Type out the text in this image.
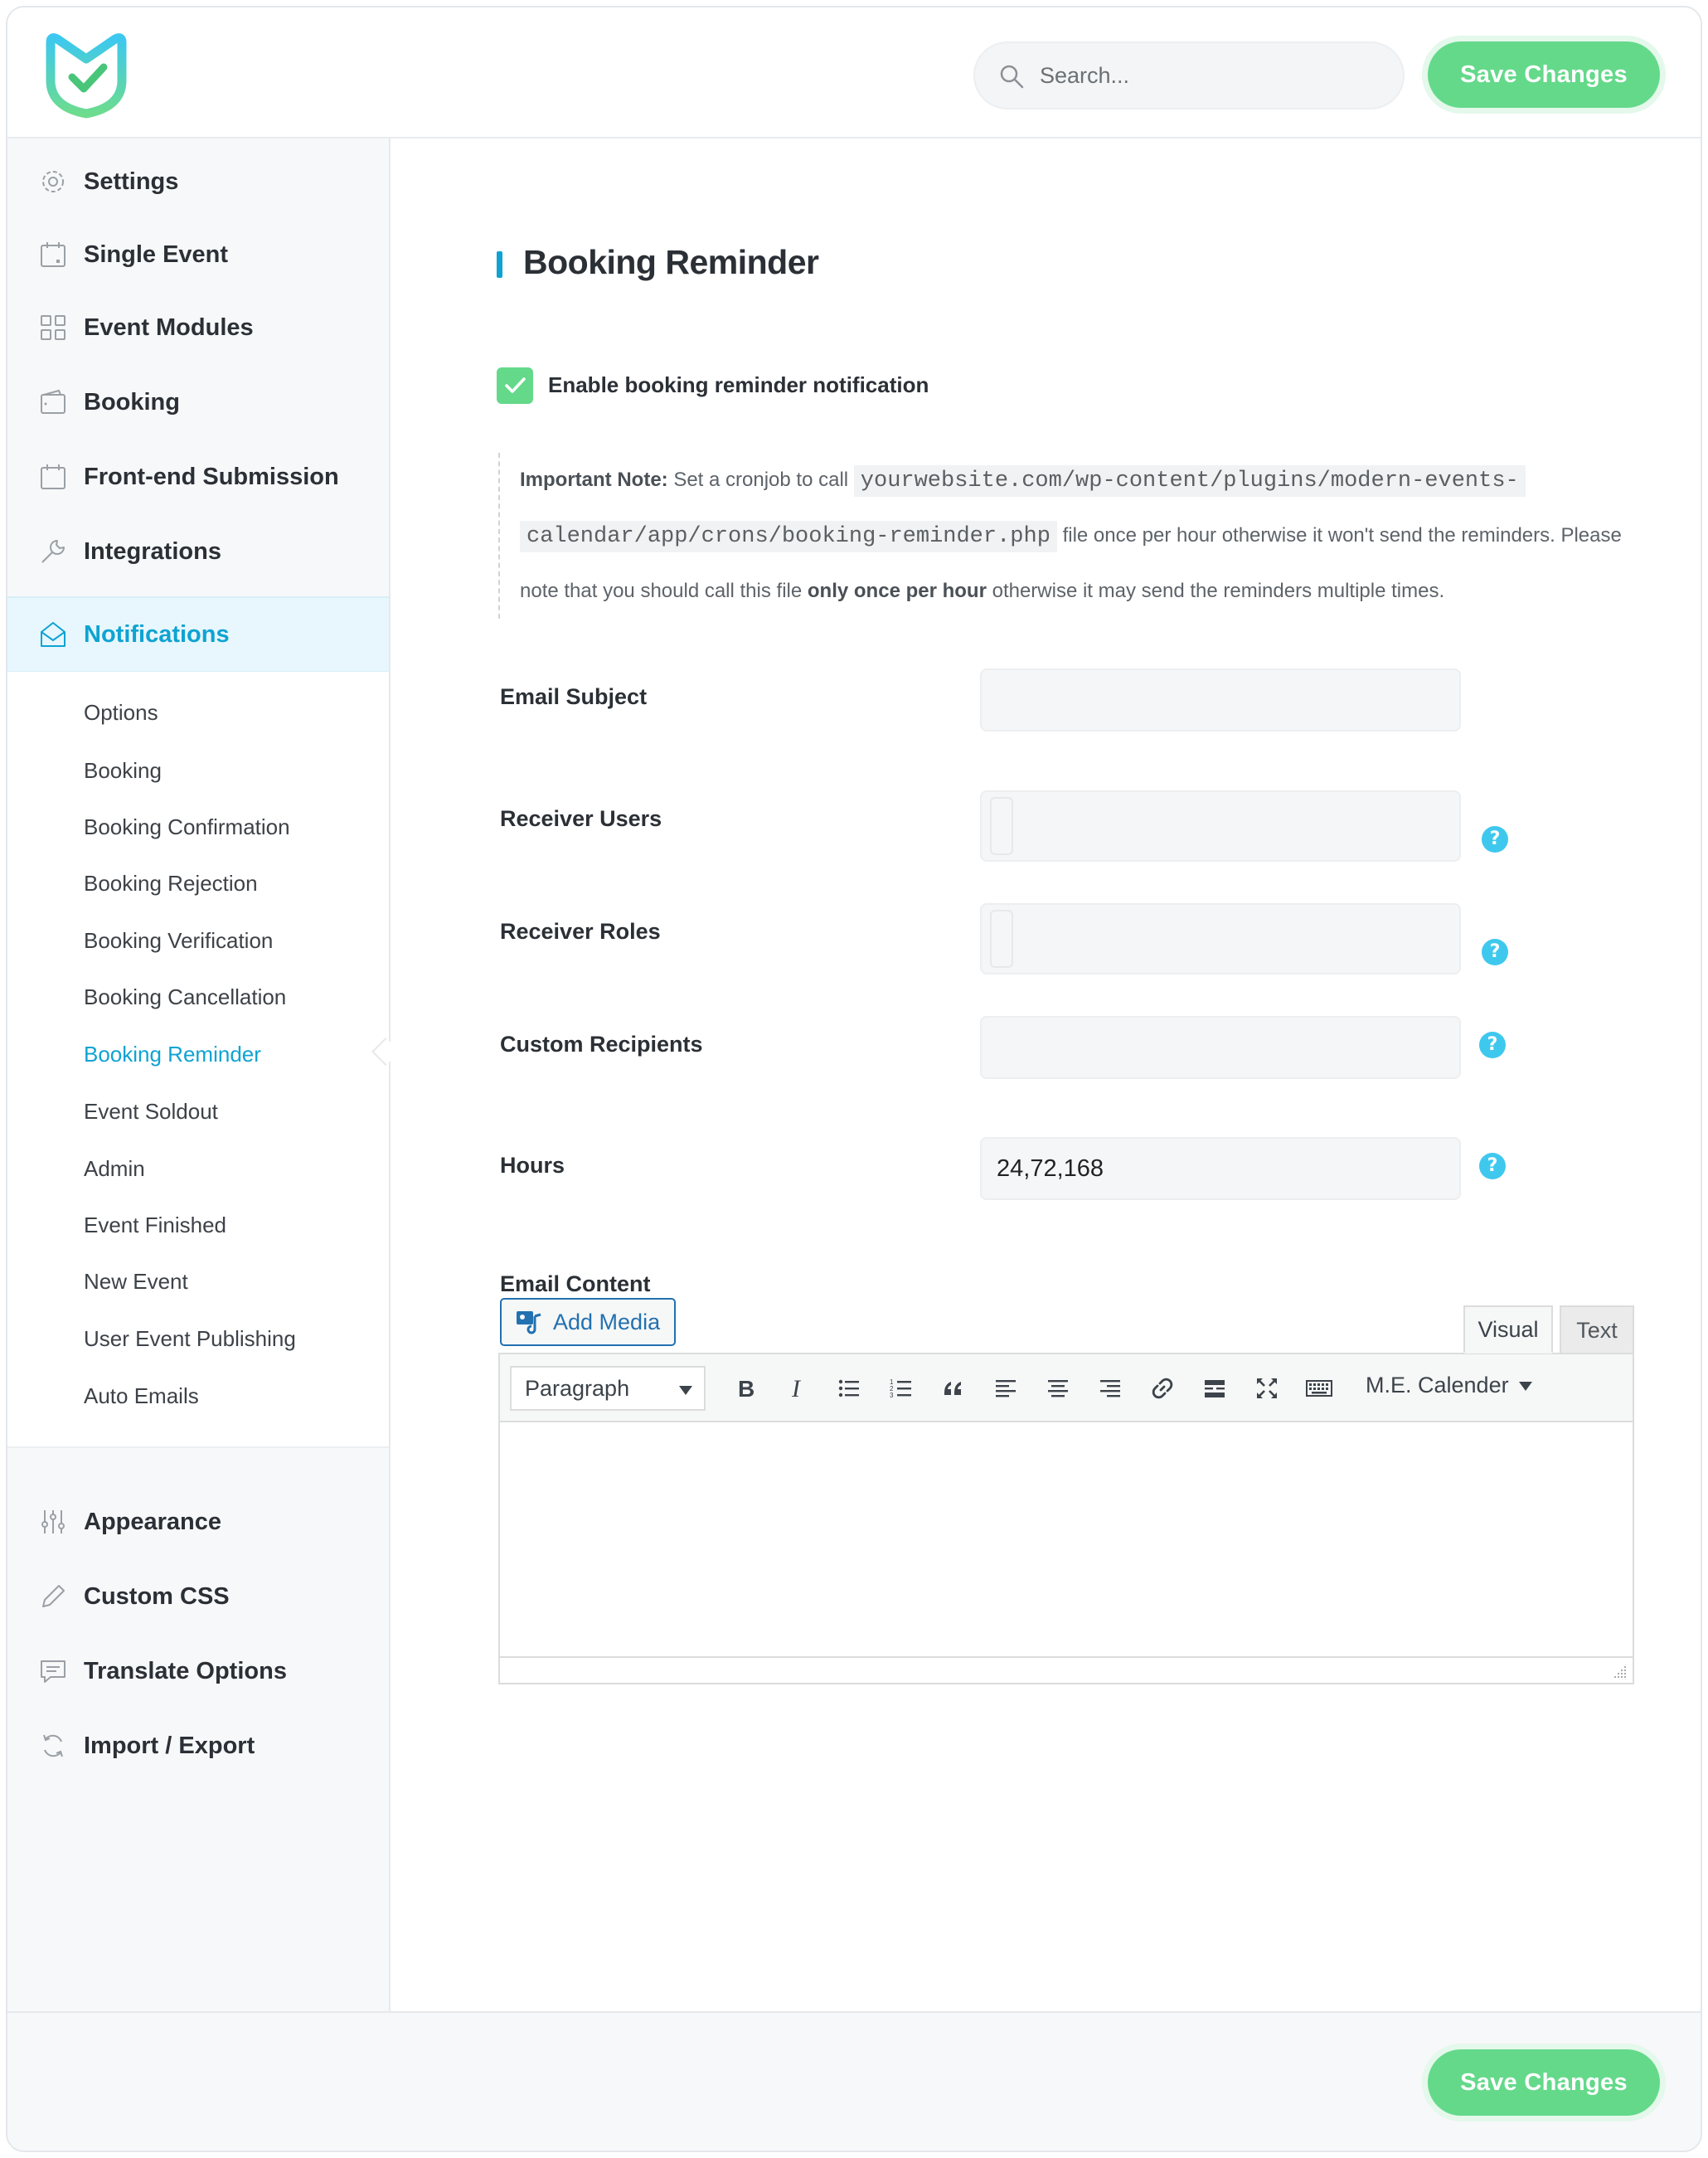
Search...
Save Changes
Settings
Single Event
Event Modules
Booking
Front-end Submission
Integrations
Notifications
Options
Booking
Booking Confirmation
Booking Rejection
Booking Verification
Booking Cancellation
Booking Reminder
Event Soldout
Admin
Event Finished
New Event
User Event Publishing
Auto Emails
Appearance
Custom CSS
Translate Options
Import / Export
Booking Reminder
Enable booking reminder notification
Important Note: Set a cronjob to call yourwebsite.com/wp-content/plugins/modern-events-
calendar/app/crons/booking-reminder.php file once per hour otherwise it won't send the reminders. Please
note that you should call this file only once per hour otherwise it may send the reminders multiple times.
Email Subject
Receiver Users
?
Receiver Roles
?
Custom Recipients	?
Hours
24,72,168	?
Email Content
Add Media	Visual	Text
Paragraph	B I	1
2
3	M.E. Calender
Save Changes
